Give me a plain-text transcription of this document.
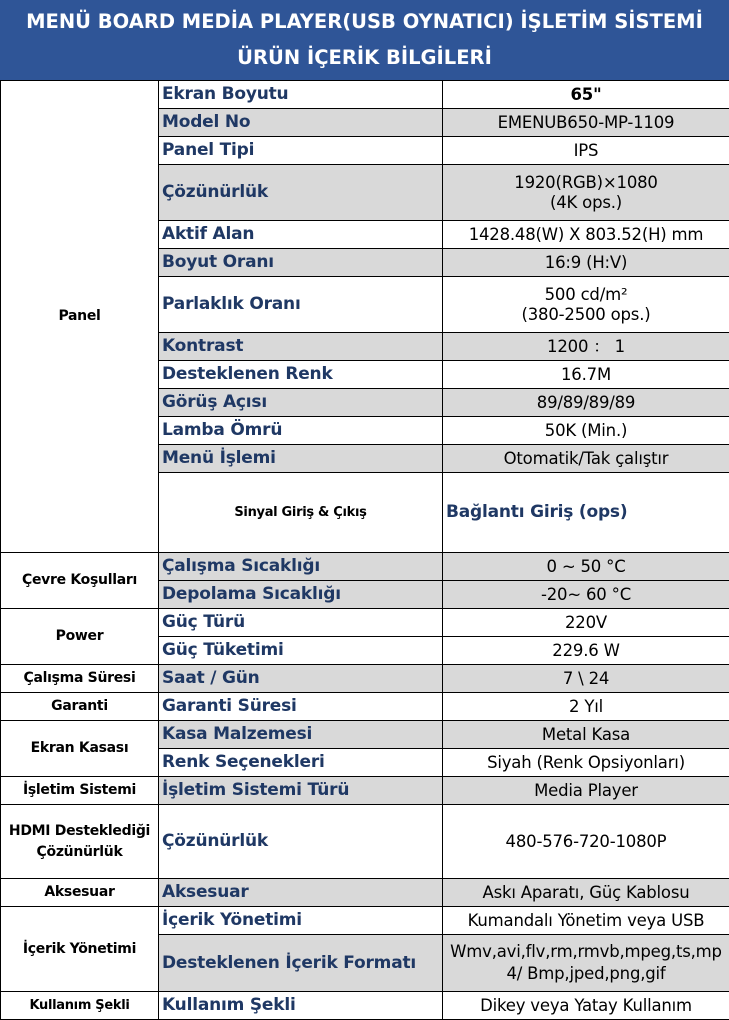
MENÜ BOARD MEDİA PLAYER(USB OYNATICI) İŞLETİM SİSTEMİ
ÜRÜN İÇERİK BİLGİLERİ
Panel	Ekran Boyutu	65"	
	Model No	EMENUB650-MP-1109	
	Panel Tipi	IPS	
	Çözünürlük	1920(RGB)×1080
(4K ops.)	

	Aktif Alan	1428.48(W) X 803.52(H) mm	
	Boyut Oranı	16:9 (H:V)	
	Parlaklık Oranı	500 cd/m²
(380-2500 ops.)	

	Kontrast	1200 ： 1	
	Desteklenen Renk	16.7M	
	Görüş Açısı	89/89/89/89	
	Lamba Ömrü	50K (Min.)	
	Menü İşlemi	Otomatik/Tak çalıştır	
	Sinyal Giriş & Çıkış	Bağlantı Giriş (ops)	
Çevre Koşulları	Çalışma Sıcaklığı	0 ~ 50 °C	
	Depolama Sıcaklığı	-20~ 60 °C	
Power	Güç Türü	220V	
	Güç Tüketimi	229.6 W	
Çalışma Süresi	Saat / Gün	7 \ 24	
Garanti	Garanti Süresi	2 Yıl	
Ekran Kasası	Kasa Malzemesi	Metal Kasa	
	Renk Seçenekleri	Siyah (Renk Opsiyonları)	
İşletim Sistemi	İşletim Sistemi Türü	Media Player	

HDMI Desteklediği
Çözünürlük	Çözünürlük	480-576-720-1080P	
Aksesuar	Aksesuar	Askı Aparatı, Güç Kablosu	
İçerik Yönetimi	İçerik Yönetimi	Kumandalı Yönetim veya USB	
	Desteklenen İçerik Formatı	Wmv,avi,flv,rm,rmvb,mpeg,ts,mp4/ Bmp,jped,png,gif	
Kullanım Şekli	Kullanım Şekli	Dikey veya Yatay Kullanım	
